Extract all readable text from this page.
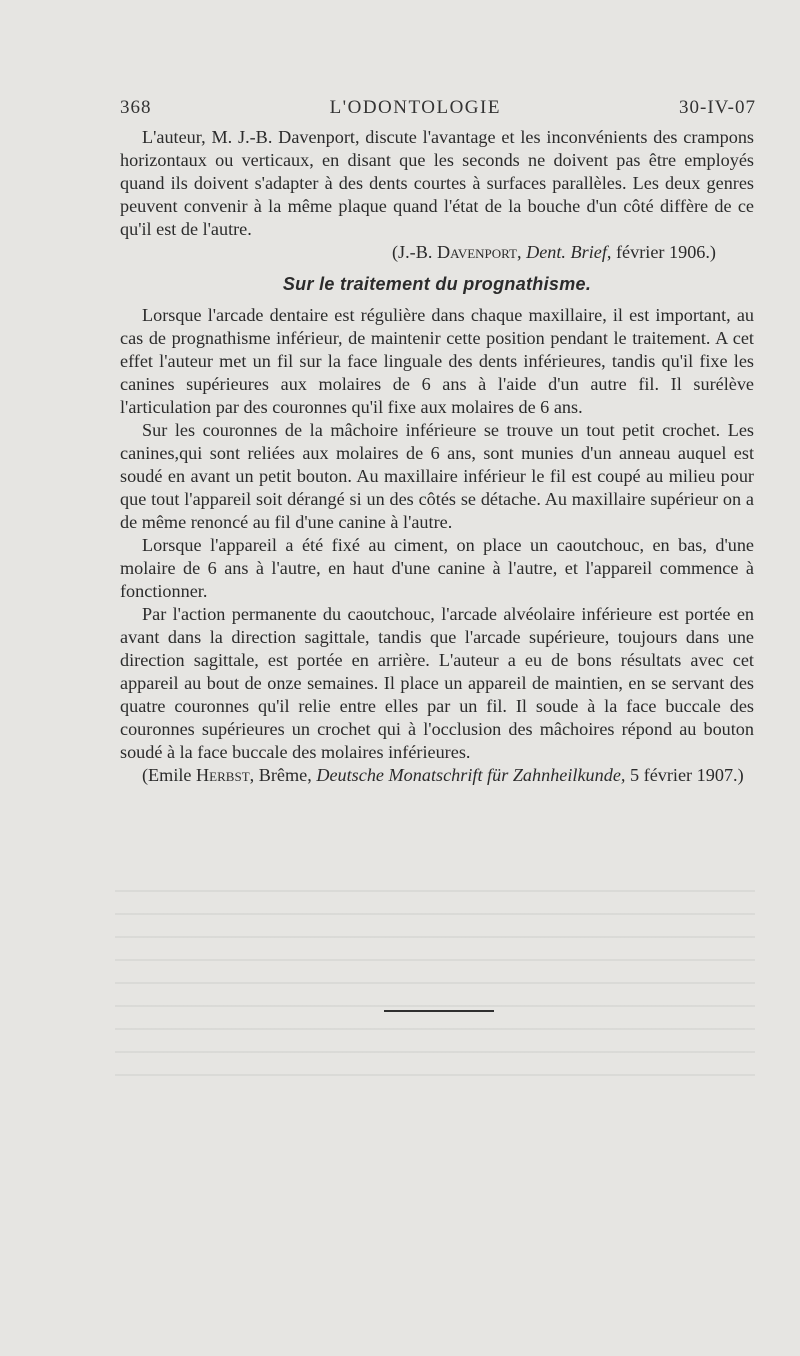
368	L'ODONTOLOGIE	30-IV-07

L'auteur, M. J.-B. Davenport, discute l'avantage et les inconvénients des crampons horizontaux ou verticaux, en disant que les seconds ne doivent pas être employés quand ils doivent s'adapter à des dents courtes à surfaces parallèles. Les deux genres peuvent convenir à la même plaque quand l'état de la bouche d'un côté diffère de ce qu'il est de l'autre.

(J.-B. Davenport, Dent. Brief, février 1906.)

Sur le traitement du prognathisme.

Lorsque l'arcade dentaire est régulière dans chaque maxillaire, il est important, au cas de prognathisme inférieur, de maintenir cette position pendant le traitement. A cet effet l'auteur met un fil sur la face linguale des dents inférieures, tandis qu'il fixe les canines supérieures aux molaires de 6 ans à l'aide d'un autre fil. Il surélève l'articulation par des couronnes qu'il fixe aux molaires de 6 ans.

Sur les couronnes de la mâchoire inférieure se trouve un tout petit crochet. Les canines,qui sont reliées aux molaires de 6 ans, sont munies d'un anneau auquel est soudé en avant un petit bouton. Au maxillaire inférieur le fil est coupé au milieu pour que tout l'appareil soit dérangé si un des côtés se détache. Au maxillaire supérieur on a de même renoncé au fil d'une canine à l'autre.

Lorsque l'appareil a été fixé au ciment, on place un caoutchouc, en bas, d'une molaire de 6 ans à l'autre, en haut d'une canine à l'autre, et l'appareil commence à fonctionner.

Par l'action permanente du caoutchouc, l'arcade alvéolaire inférieure est portée en avant dans la direction sagittale, tandis que l'arcade supérieure, toujours dans une direction sagittale, est portée en arrière. L'auteur a eu de bons résultats avec cet appareil au bout de onze semaines. Il place un appareil de maintien, en se servant des quatre couronnes qu'il relie entre elles par un fil. Il soude à la face buccale des couronnes supérieures un crochet qui à l'occlusion des mâchoires répond au bouton soudé à la face buccale des molaires inférieures.

(Emile Herbst, Brême, Deutsche Monatschrift für Zahnheilkunde, 5 février 1907.)
